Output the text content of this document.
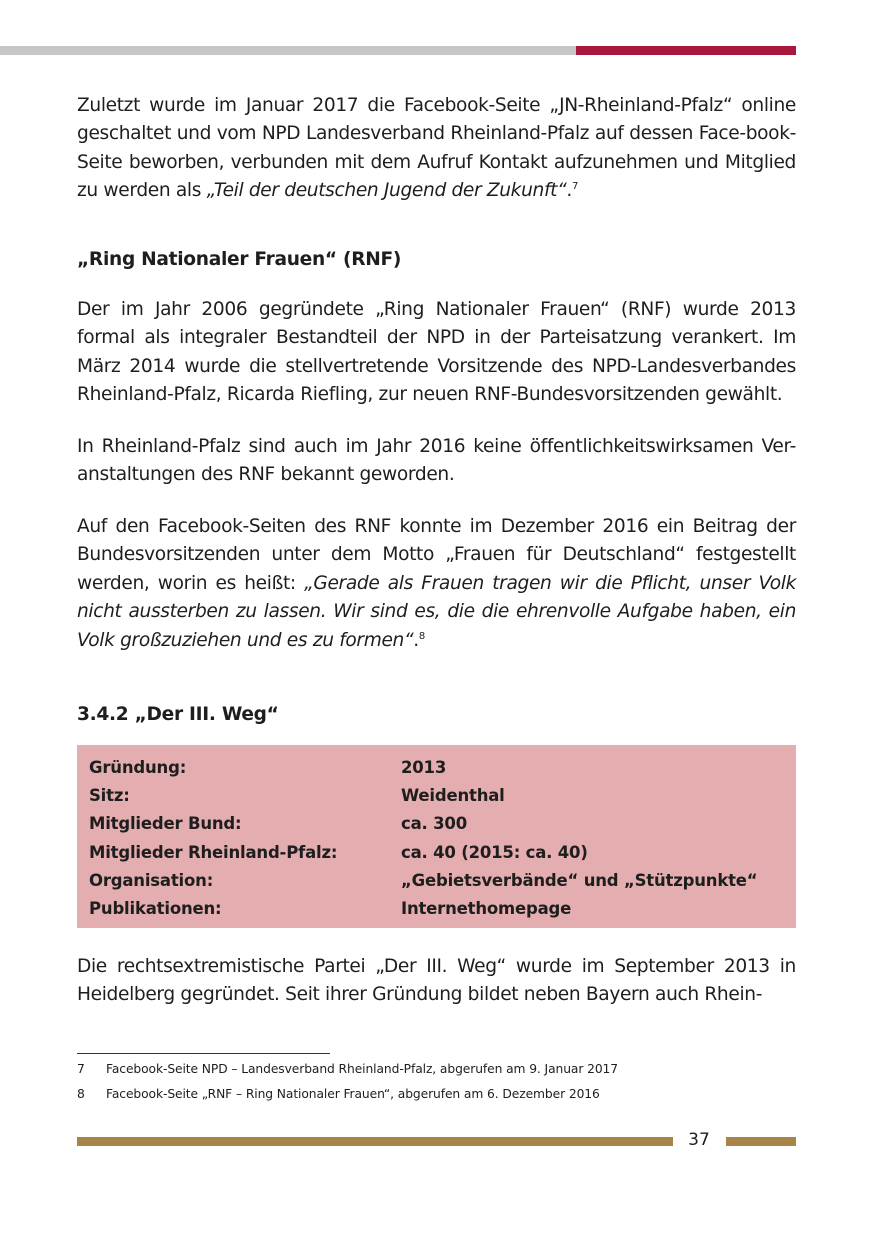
Zuletzt wurde im Januar 2017 die Facebook-Seite „JN-Rheinland-Pfalz“ online geschaltet und vom NPD Landesverband Rheinland-Pfalz auf dessen Face-book-Seite beworben, verbunden mit dem Aufruf Kontakt aufzunehmen und Mitglied zu werden als „Teil der deutschen Jugend der Zukunft“.$^7$

„Ring Nationaler Frauen“ (RNF)

Der im Jahr 2006 gegründete „Ring Nationaler Frauen“ (RNF) wurde 2013 formal als integraler Bestandteil der NPD in der Parteisatzung verankert. Im März 2014 wurde die stellvertretende Vorsitzende des NPD-Landesverbandes Rheinland-Pfalz, Ricarda Riefling, zur neuen RNF-Bundesvorsitzenden gewählt.

In Rheinland-Pfalz sind auch im Jahr 2016 keine öffentlichkeitswirksamen Ver-anstaltungen des RNF bekannt geworden.

Auf den Facebook-Seiten des RNF konnte im Dezember 2016 ein Beitrag der Bundesvorsitzenden unter dem Motto „Frauen für Deutschland“ festgestellt werden, worin es heißt: „Gerade als Frauen tragen wir die Pflicht, unser Volk nicht aussterben zu lassen. Wir sind es, die die ehrenvolle Aufgabe haben, ein Volk großzuziehen und es zu formen“.$^8$

3.4.2 „Der III. Weg“
Gründung:	2013
Sitz:	Weidenthal
Mitglieder Bund:	ca. 300
Mitglieder Rheinland-Pfalz:	ca. 40 (2015: ca. 40)
Organisation:	„Gebietsverbände“ und „Stützpunkte“
Publikationen:	Internethomepage

Die rechtsextremistische Partei „Der III. Weg“ wurde im September 2013 in Heidelberg gegründet. Seit ihrer Gründung bildet neben Bayern auch Rhein-

7 Facebook-Seite NPD – Landesverband Rheinland-Pfalz, abgerufen am 9. Januar 2017
8 Facebook-Seite „RNF – Ring Nationaler Frauen“, abgerufen am 6. Dezember 2016
37
